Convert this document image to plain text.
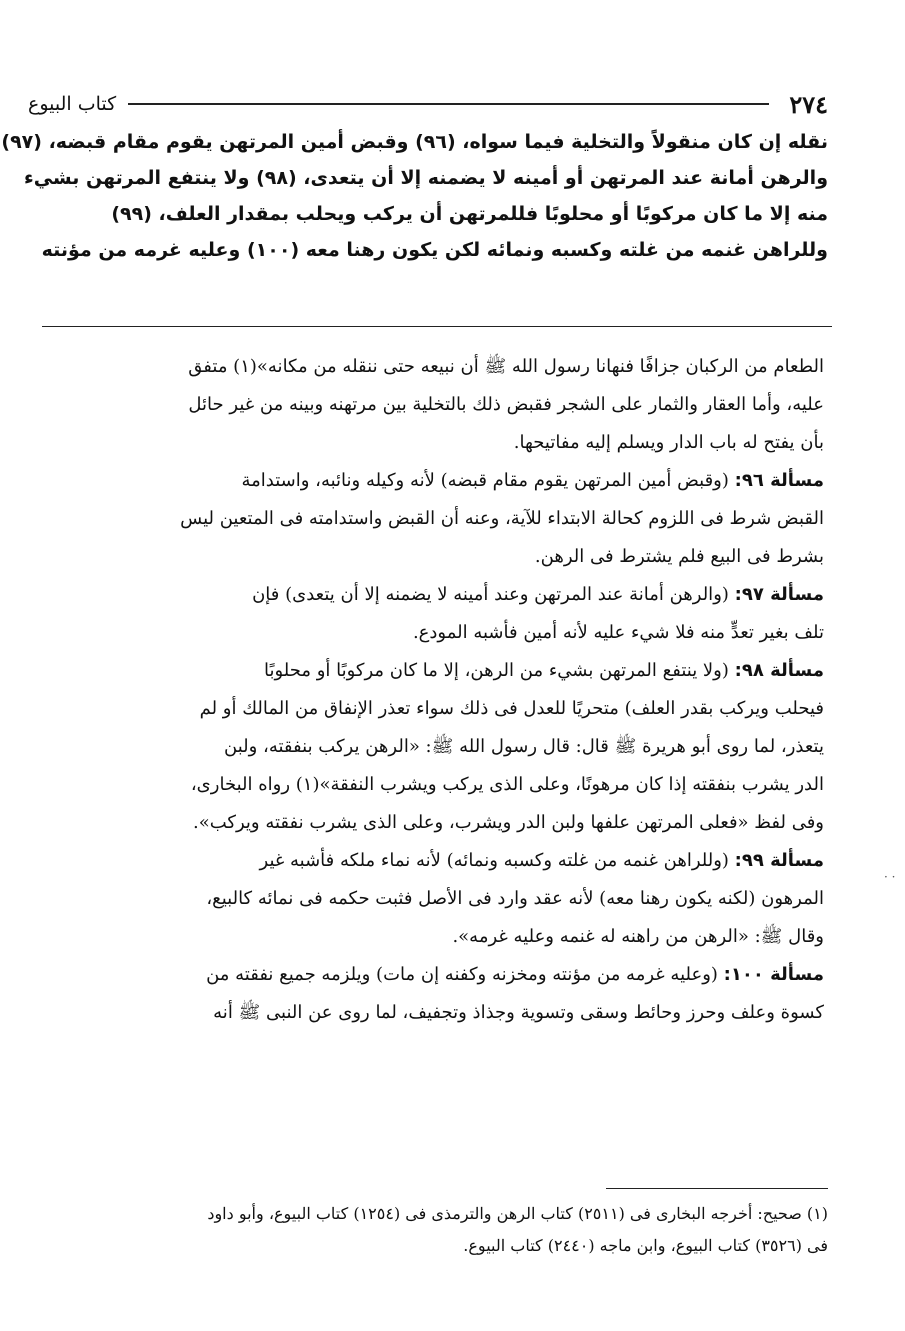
٢٧٤
كتاب البيوع
نقله إن كان منقولاً والتخلية فيما سواه، (٩٦) وقبض أمين المرتهن يقوم مقام قبضه، (٩٧)
والرهن أمانة عند المرتهن أو أمينه لا يضمنه إلا أن يتعدى، (٩٨) ولا ينتفع المرتهن بشيء
منه إلا ما كان مركوبًا أو محلوبًا فللمرتهن أن يركب ويحلب بمقدار العلف، (٩٩)
وللراهن غنمه من غلته وكسبه ونمائه لكن يكون رهنا معه (١٠٠) وعليه غرمه من مؤنته
الطعام من الركبان جزافًا فنهانا رسول الله ﷺ أن نبيعه حتى ننقله من مكانه»(١) متفق
عليه، وأما العقار والثمار على الشجر فقبض ذلك بالتخلية بين مرتهنه وبينه من غير حائل
بأن يفتح له باب الدار ويسلم إليه مفاتيحها.
مسألة ٩٦: (وقبض أمين المرتهن يقوم مقام قبضه) لأنه وكيله ونائبه، واستدامة
القبض شرط فى اللزوم كحالة الابتداء للآية، وعنه أن القبض واستدامته فى المتعين ليس
بشرط فى البيع فلم يشترط فى الرهن.
مسألة ٩٧: (والرهن أمانة عند المرتهن وعند أمينه لا يضمنه إلا أن يتعدى) فإن
تلف بغير تعدٍّ منه فلا شيء عليه لأنه أمين فأشبه المودع.
مسألة ٩٨: (ولا ينتفع المرتهن بشيء من الرهن، إلا ما كان مركوبًا أو محلوبًا
فيحلب ويركب بقدر العلف) متحريًا للعدل فى ذلك سواء تعذر الإنفاق من المالك أو لم
يتعذر، لما روى أبو هريرة ﷺ قال: قال رسول الله ﷺ: «الرهن يركب بنفقته، ولبن
الدر يشرب بنفقته إذا كان مرهونًا، وعلى الذى يركب ويشرب النفقة»(١) رواه البخارى،
وفى لفظ «فعلى المرتهن علفها ولبن الدر ويشرب، وعلى الذى يشرب نفقته ويركب».
مسألة ٩٩: (وللراهن غنمه من غلته وكسبه ونمائه) لأنه نماء ملكه فأشبه غير
المرهون (لكنه يكون رهنا معه) لأنه عقد وارد فى الأصل فثبت حكمه فى نمائه كالبيع،
وقال ﷺ: «الرهن من راهنه له غنمه وعليه غرمه».
مسألة ١٠٠: (وعليه غرمه من مؤنته ومخزنه وكفنه إن مات) ويلزمه جميع نفقته من
كسوة وعلف وحرز وحائط وسقى وتسوية وجذاذ وتجفيف، لما روى عن النبى ﷺ أنه
· ·
(١) صحيح: أخرجه البخارى فى (٢٥١١) كتاب الرهن والترمذى فى (١٢٥٤) كتاب البيوع، وأبو داود
فى (٣٥٢٦) كتاب البيوع، وابن ماجه (٢٤٤٠) كتاب البيوع.
